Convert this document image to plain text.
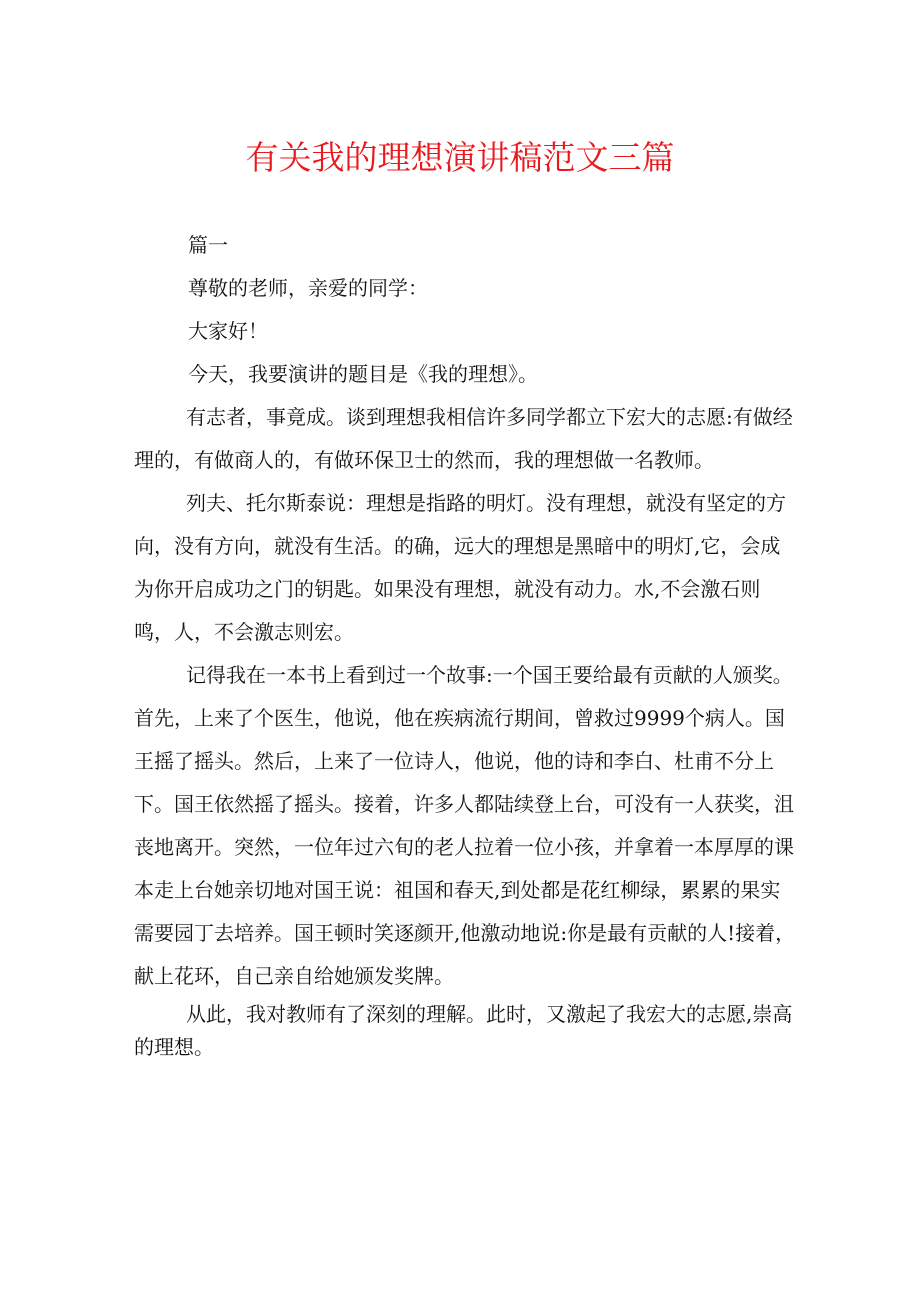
有关我的理想演讲稿范文三篇

篇一

尊敬的老师，亲爱的同学：

大家好！

今天，我要演讲的题目是《我的理想》。

有志者，事竟成。谈到理想我相信许多同学都立下宏大的志愿:有做经理的，有做商人的，有做环保卫士的然而，我的理想做一名教师。

列夫、托尔斯泰说：理想是指路的明灯。没有理想，就没有坚定的方向，没有方向，就没有生活。的确，远大的理想是黑暗中的明灯,它，会成为你开启成功之门的钥匙。如果没有理想，就没有动力。水,不会激石则鸣，人，不会激志则宏。

记得我在一本书上看到过一个故事:一个国王要给最有贡献的人颁奖。首先，上来了个医生，他说，他在疾病流行期间，曾救过9999个病人。国王摇了摇头。然后，上来了一位诗人，他说，他的诗和李白、杜甫不分上下。国王依然摇了摇头。接着，许多人都陆续登上台，可没有一人获奖，沮丧地离开。突然，一位年过六旬的老人拉着一位小孩，并拿着一本厚厚的课本走上台她亲切地对国王说：祖国和春天,到处都是花红柳绿，累累的果实需要园丁去培养。国王顿时笑逐颜开,他激动地说:你是最有贡献的人!接着，献上花环，自己亲自给她颁发奖牌。

从此，我对教师有了深刻的理解。此时，又激起了我宏大的志愿,崇高的理想。
